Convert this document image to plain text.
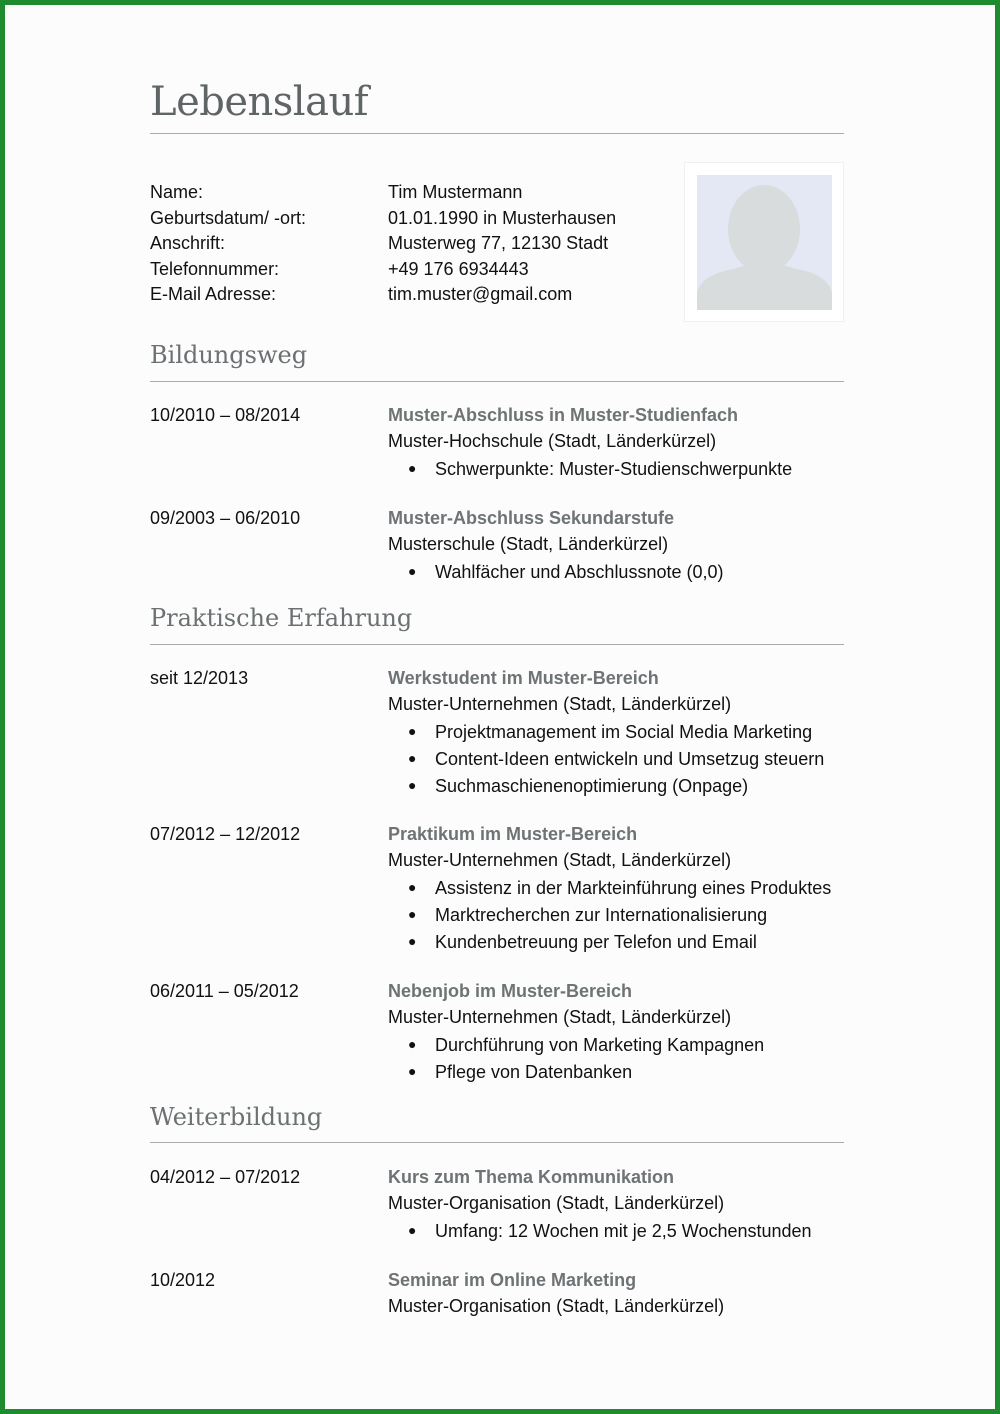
Lebenslauf
Name:	Tim Mustermann
Geburtsdatum/ -ort:	01.01.1990 in Musterhausen
Anschrift:	Musterweg 77, 12130 Stadt
Telefonnummer:	+49 176 6934443
E-Mail Adresse:	tim.muster@gmail.com
Bildungsweg
10/2010 – 08/2014	Muster-Abschluss in Muster-Studienfach
Muster-Hochschule (Stadt, Länderkürzel)
● Schwerpunkte: Muster-Studienschwerpunkte
09/2003 – 06/2010	Muster-Abschluss Sekundarstufe
Musterschule (Stadt, Länderkürzel)
● Wahlfächer und Abschlussnote (0,0)
Praktische Erfahrung
seit 12/2013	Werkstudent im Muster-Bereich
Muster-Unternehmen (Stadt, Länderkürzel)
● Projektmanagement im Social Media Marketing
● Content-Ideen entwickeln und Umsetzug steuern
● Suchmaschienenoptimierung (Onpage)
07/2012 – 12/2012	Praktikum im Muster-Bereich
Muster-Unternehmen (Stadt, Länderkürzel)
● Assistenz in der Markteinführung eines Produktes
● Marktrecherchen zur Internationalisierung
● Kundenbetreuung per Telefon und Email
06/2011 – 05/2012	Nebenjob im Muster-Bereich
Muster-Unternehmen (Stadt, Länderkürzel)
● Durchführung von Marketing Kampagnen
● Pflege von Datenbanken
Weiterbildung
04/2012 – 07/2012	Kurs zum Thema Kommunikation
Muster-Organisation (Stadt, Länderkürzel)
● Umfang: 12 Wochen mit je 2,5 Wochenstunden
10/2012	Seminar im Online Marketing
Muster-Organisation (Stadt, Länderkürzel)
